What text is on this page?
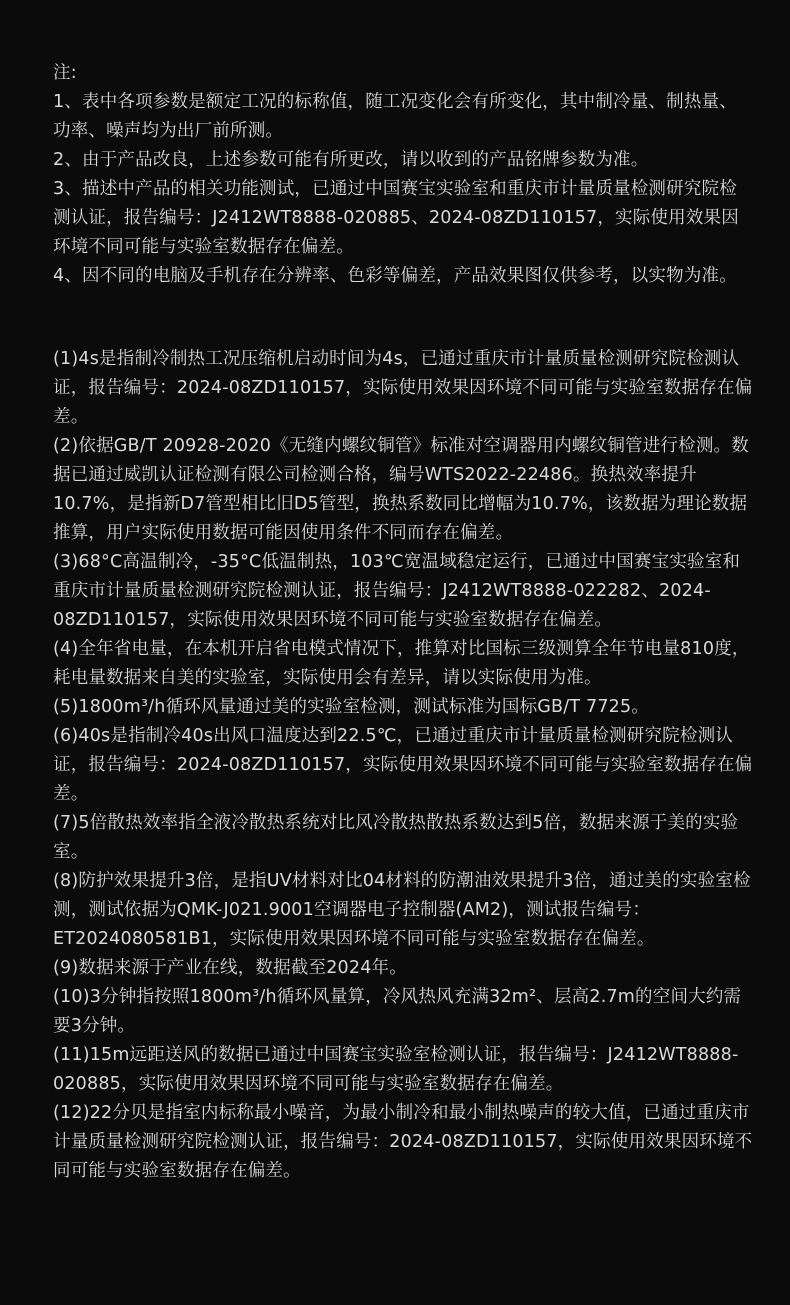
注:

1、表中各项参数是额定工况的标称值，随工况变化会有所变化，其中制冷量、制热量、功率、噪声均为出厂前所测。

2、由于产品改良，上述参数可能有所更改，请以收到的产品铭牌参数为准。

3、描述中产品的相关功能测试，已通过中国赛宝实验室和重庆市计量质量检测研究院检测认证，报告编号：J2412WT8888-020885、2024-08ZD110157，实际使用效果因环境不同可能与实验室数据存在偏差。

4、因不同的电脑及手机存在分辨率、色彩等偏差，产品效果图仅供参考，以实物为准。

(1)4s是指制冷制热工况压缩机启动时间为4s，已通过重庆市计量质量检测研究院检测认证，报告编号：2024-08ZD110157，实际使用效果因环境不同可能与实验室数据存在偏差。

(2)依据GB/T 20928-2020《无缝内螺纹铜管》标准对空调器用内螺纹铜管进行检测。数据已通过威凯认证检测有限公司检测合格，编号WTS2022-22486。换热效率提升10.7%，是指新D7管型相比旧D5管型，换热系数同比增幅为10.7%，该数据为理论数据推算，用户实际使用数据可能因使用条件不同而存在偏差。

(3)68°C高温制冷，-35°C低温制热，103℃宽温域稳定运行，已通过中国赛宝实验室和重庆市计量质量检测研究院检测认证，报告编号：J2412WT8888-022282、2024-08ZD110157，实际使用效果因环境不同可能与实验室数据存在偏差。

(4)全年省电量，在本机开启省电模式情况下，推算对比国标三级测算全年节电量810度，耗电量数据来自美的实验室，实际使用会有差异，请以实际使用为准。

(5)1800m³/h循环风量通过美的实验室检测，测试标准为国标GB/T 7725。

(6)40s是指制冷40s出风口温度达到22.5℃，已通过重庆市计量质量检测研究院检测认证，报告编号：2024-08ZD110157，实际使用效果因环境不同可能与实验室数据存在偏差。

(7)5倍散热效率指全液冷散热系统对比风冷散热散热系数达到5倍，数据来源于美的实验室。

(8)防护效果提升3倍，是指UV材料对比04材料的防潮油效果提升3倍，通过美的实验室检测，测试依据为QMK-J021.9001空调器电子控制器(AM2)，测试报告编号：ET2024080581B1，实际使用效果因环境不同可能与实验室数据存在偏差。

(9)数据来源于产业在线，数据截至2024年。

(10)3分钟指按照1800m³/h循环风量算，冷风热风充满32m²、层高2.7m的空间大约需要3分钟。

(11)15m远距送风的数据已通过中国赛宝实验室检测认证，报告编号：J2412WT8888-020885，实际使用效果因环境不同可能与实验室数据存在偏差。

(12)22分贝是指室内标称最小噪音，为最小制冷和最小制热噪声的较大值，已通过重庆市计量质量检测研究院检测认证，报告编号：2024-08ZD110157，实际使用效果因环境不同可能与实验室数据存在偏差。
